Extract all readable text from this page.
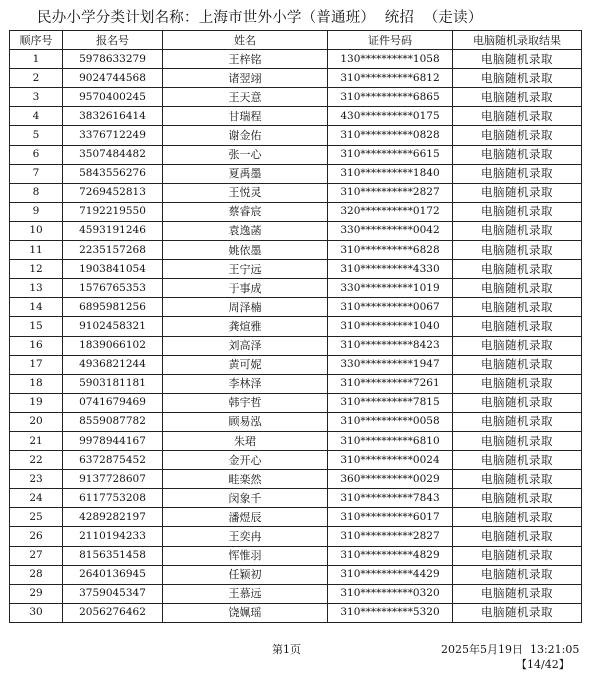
民办小学分类计划名称：上海市世外小学（普通班）  统招  （走读）
顺序号	报名号	姓名	证件号码	电脑随机录取结果
1	5978633279	王梓铭	130**********1058	电脑随机录取
2	9024744568	诸翌翊	310**********6812	电脑随机录取
3	9570400245	王天意	310**********6865	电脑随机录取
4	3832616414	甘瑞程	430**********0175	电脑随机录取
5	3376712249	谢金佑	310**********0828	电脑随机录取
6	3507484482	张一心	310**********6615	电脑随机录取
7	5843556276	夏禹墨	310**********1840	电脑随机录取
8	7269452813	王悦灵	310**********2827	电脑随机录取
9	7192219550	蔡睿宸	320**********0172	电脑随机录取
10	4593191246	袁逸菡	330**********0042	电脑随机录取
11	2235157268	姚依墨	310**********6828	电脑随机录取
12	1903841054	王宁远	310**********4330	电脑随机录取
13	1576765353	于事成	330**********1019	电脑随机录取
14	6895981256	周泽楠	310**********0067	电脑随机录取
15	9102458321	龚煊雅	310**********1040	电脑随机录取
16	1839066102	刘高泽	310**********8423	电脑随机录取
17	4936821244	黄可妮	330**********1947	电脑随机录取
18	5903181181	李林泽	310**********7261	电脑随机录取
19	0741679469	韩宇哲	310**********7815	电脑随机录取
20	8559087782	顾易泓	310**********0058	电脑随机录取
21	9978944167	朱珺	310**********6810	电脑随机录取
22	6372875452	金开心	310**********0024	电脑随机录取
23	9137728607	畦楽然	360**********0029	电脑随机录取
24	6117753208	闵象千	310**********7843	电脑随机录取
25	4289282197	潘煜辰	310**********6017	电脑随机录取
26	2110194233	王奕冉	310**********2827	电脑随机录取
27	8156351458	恽惟羽	310**********4829	电脑随机录取
28	2640136945	任颖初	310**********4429	电脑随机录取
29	3759045347	王慕远	310**********0320	电脑随机录取
30	2056276462	饶姵瑶	310**********5320	电脑随机录取
第1页	2025年5月19日  13:21:05
【14/42】
